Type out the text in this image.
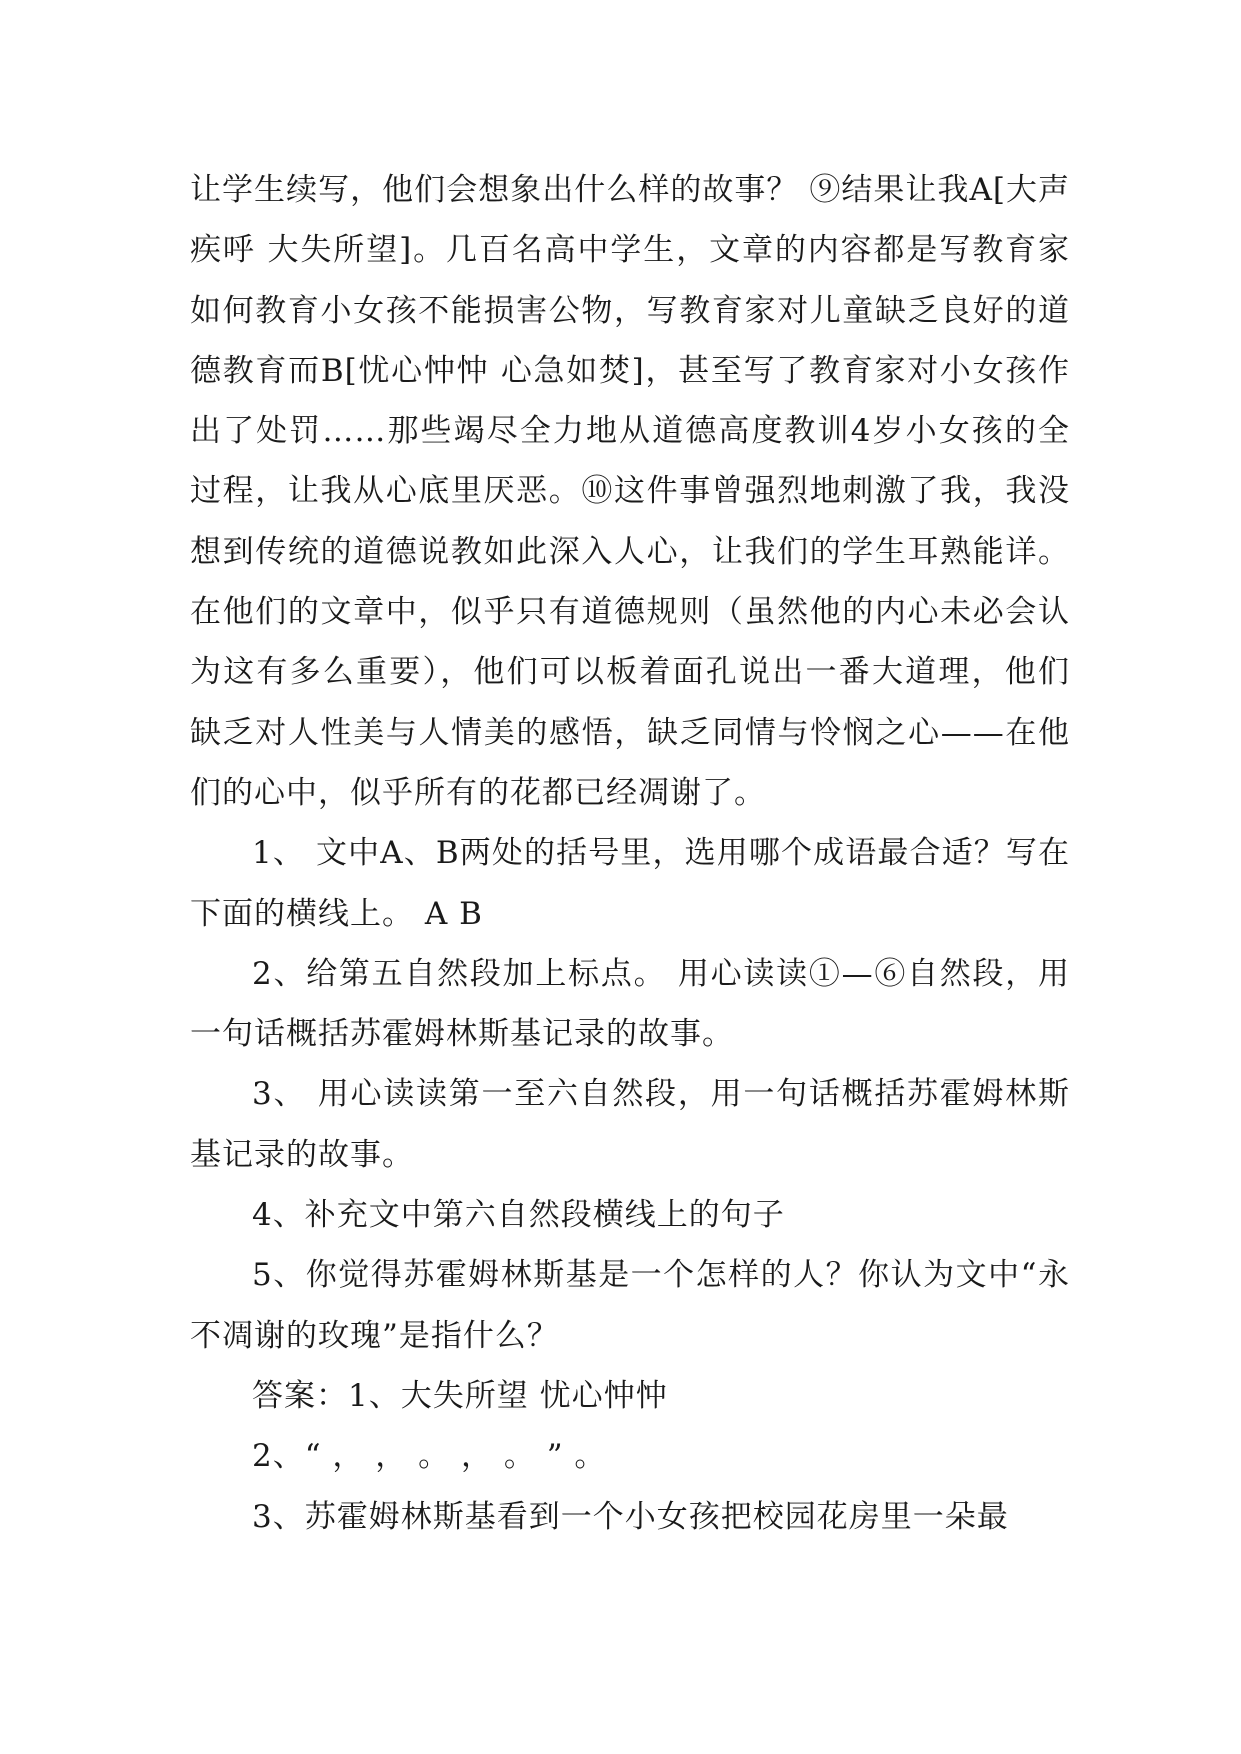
让学生续写，他们会想象出什么样的故事？ ⑨结果让我A[大声疾呼 大失所望]。几百名高中学生，文章的内容都是写教育家如何教育小女孩不能损害公物，写教育家对儿童缺乏良好的道德教育而B[忧心忡忡 心急如焚]，甚至写了教育家对小女孩作出了处罚……那些竭尽全力地从道德高度教训4岁小女孩的全过程，让我从心底里厌恶。⑩这件事曾强烈地刺激了我，我没想到传统的道德说教如此深入人心，让我们的学生耳熟能详。在他们的文章中，似乎只有道德规则（虽然他的内心未必会认为这有多么重要），他们可以板着面孔说出一番大道理，他们缺乏对人性美与人情美的感悟，缺乏同情与怜悯之心——在他们的心中，似乎所有的花都已经凋谢了。

1、 文中A、B两处的括号里，选用哪个成语最合适？写在下面的横线上。 A B

2、给第五自然段加上标点。 用心读读①—⑥自然段，用一句话概括苏霍姆林斯基记录的故事。

3、 用心读读第一至六自然段，用一句话概括苏霍姆林斯基记录的故事。

4、补充文中第六自然段横线上的句子

5、你觉得苏霍姆林斯基是一个怎样的人？你认为文中“永不凋谢的玫瑰”是指什么？

答案：1、大失所望 忧心忡忡

2、“ ， ， 。 ， 。 ” 。

3、苏霍姆林斯基看到一个小女孩把校园花房里一朵最
